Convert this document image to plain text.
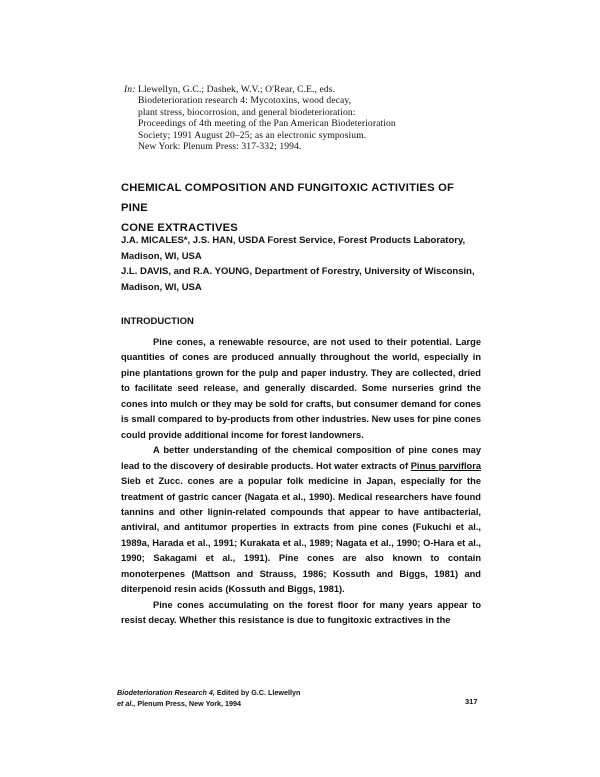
In: Llewellyn, G.C.; Dashek, W.V.; O'Rear, C.E., eds.
Biodeterioration research 4: Mycotoxins, wood decay,
plant stress, biocorrosion, and general biodeterioration:
Proceedings of 4th meeting of the Pan American Biodeterioration
Society; 1991 August 20–25; as an electronic symposium.
New York: Plenum Press: 317-332; 1994.
CHEMICAL COMPOSITION AND FUNGITOXIC ACTIVITIES OF PINE
CONE EXTRACTIVES
J.A. MICALES*, J.S. HAN, USDA Forest Service, Forest Products Laboratory,
Madison, WI, USA
J.L. DAVIS, and R.A. YOUNG, Department of Forestry, University of Wisconsin,
Madison, WI, USA
INTRODUCTION

Pine cones, a renewable resource, are not used to their potential. Large quantities of cones are produced annually throughout the world, especially in pine plantations grown for the pulp and paper industry. They are collected, dried to facilitate seed release, and generally discarded. Some nurseries grind the cones into mulch or they may be sold for crafts, but consumer demand for cones is small compared to by-products from other industries. New uses for pine cones could provide additional income for forest landowners.

A better understanding of the chemical composition of pine cones may lead to the discovery of desirable products. Hot water extracts of Pinus parviflora Sieb et Zucc. cones are a popular folk medicine in Japan, especially for the treatment of gastric cancer (Nagata et al., 1990). Medical researchers have found tannins and other lignin-related compounds that appear to have antibacterial, antiviral, and antitumor properties in extracts from pine cones (Fukuchi et al., 1989a, Harada et al., 1991; Kurakata et al., 1989; Nagata et al., 1990; O-Hara et al., 1990; Sakagami et al., 1991). Pine cones are also known to contain monoterpenes (Mattson and Strauss, 1986; Kossuth and Biggs, 1981) and diterpenoid resin acids (Kossuth and Biggs, 1981).

Pine cones accumulating on the forest floor for many years appear to resist decay. Whether this resistance is due to fungitoxic extractives in the

Biodeterioration Research 4, Edited by G.C. Llewellyn
et al., Plenum Press, New York, 1994	317
